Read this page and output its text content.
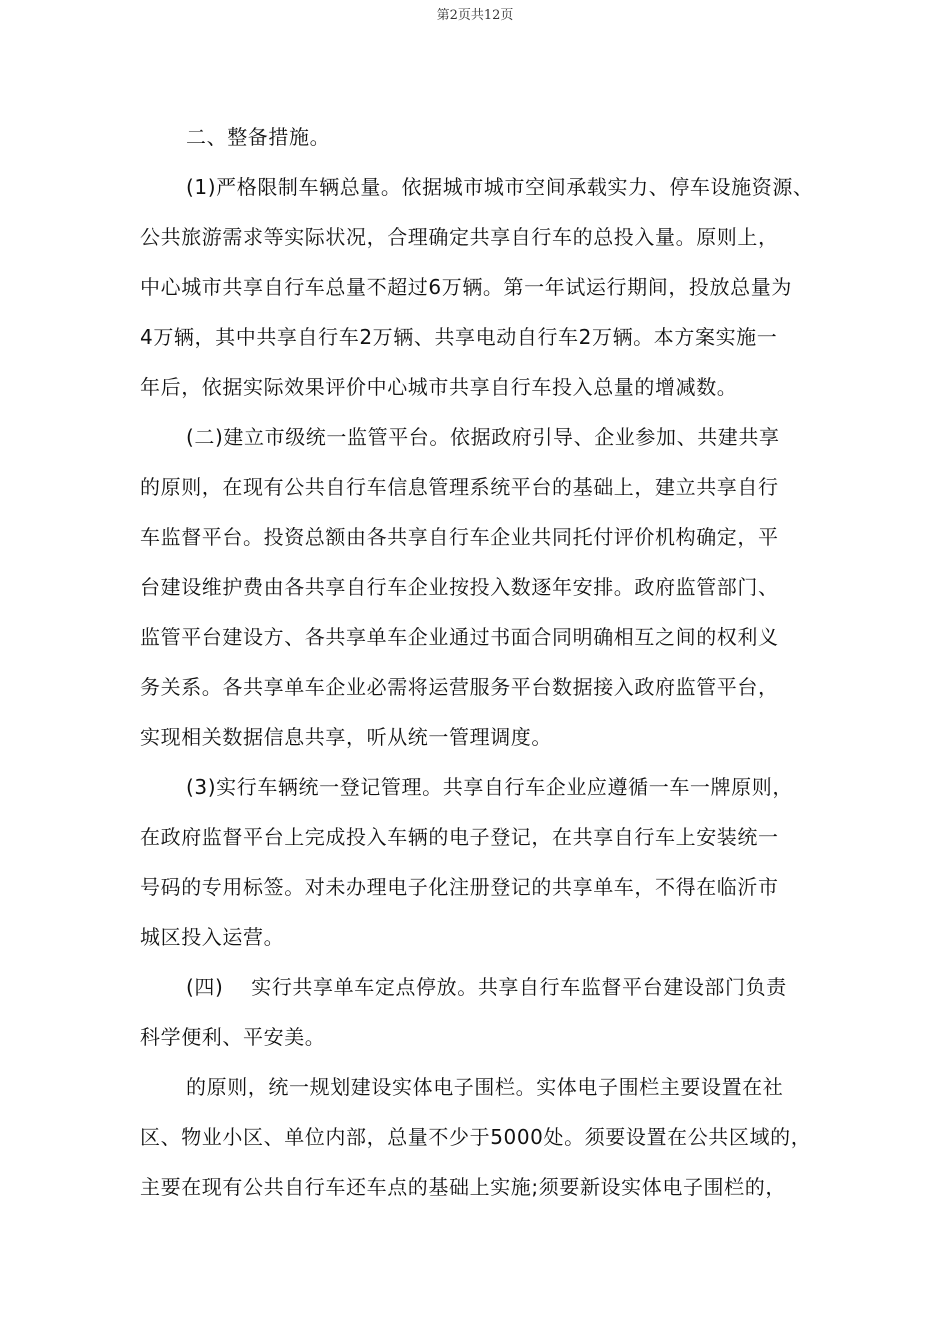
第2页共12页
二、整备措施。
(1)严格限制车辆总量。依据城市城市空间承载实力、停车设施资源、
公共旅游需求等实际状况，合理确定共享自行车的总投入量。原则上，
中心城市共享自行车总量不超过6万辆。第一年试运行期间，投放总量为
4万辆，其中共享自行车2万辆、共享电动自行车2万辆。本方案实施一
年后，依据实际效果评价中心城市共享自行车投入总量的增减数。
(二)建立市级统一监管平台。依据政府引导、企业参加、共建共享
的原则，在现有公共自行车信息管理系统平台的基础上，建立共享自行
车监督平台。投资总额由各共享自行车企业共同托付评价机构确定，平
台建设维护费由各共享自行车企业按投入数逐年安排。政府监管部门、
监管平台建设方、各共享单车企业通过书面合同明确相互之间的权利义
务关系。各共享单车企业必需将运营服务平台数据接入政府监管平台，
实现相关数据信息共享，听从统一管理调度。
(3)实行车辆统一登记管理。共享自行车企业应遵循一车一牌原则，
在政府监督平台上完成投入车辆的电子登记，在共享自行车上安装统一
号码的专用标签。对未办理电子化注册登记的共享单车，不得在临沂市
城区投入运营。
(四)    实行共享单车定点停放。共享自行车监督平台建设部门负责
科学便利、平安美。
的原则，统一规划建设实体电子围栏。实体电子围栏主要设置在社
区、物业小区、单位内部，总量不少于5000处。须要设置在公共区域的，
主要在现有公共自行车还车点的基础上实施;须要新设实体电子围栏的，
